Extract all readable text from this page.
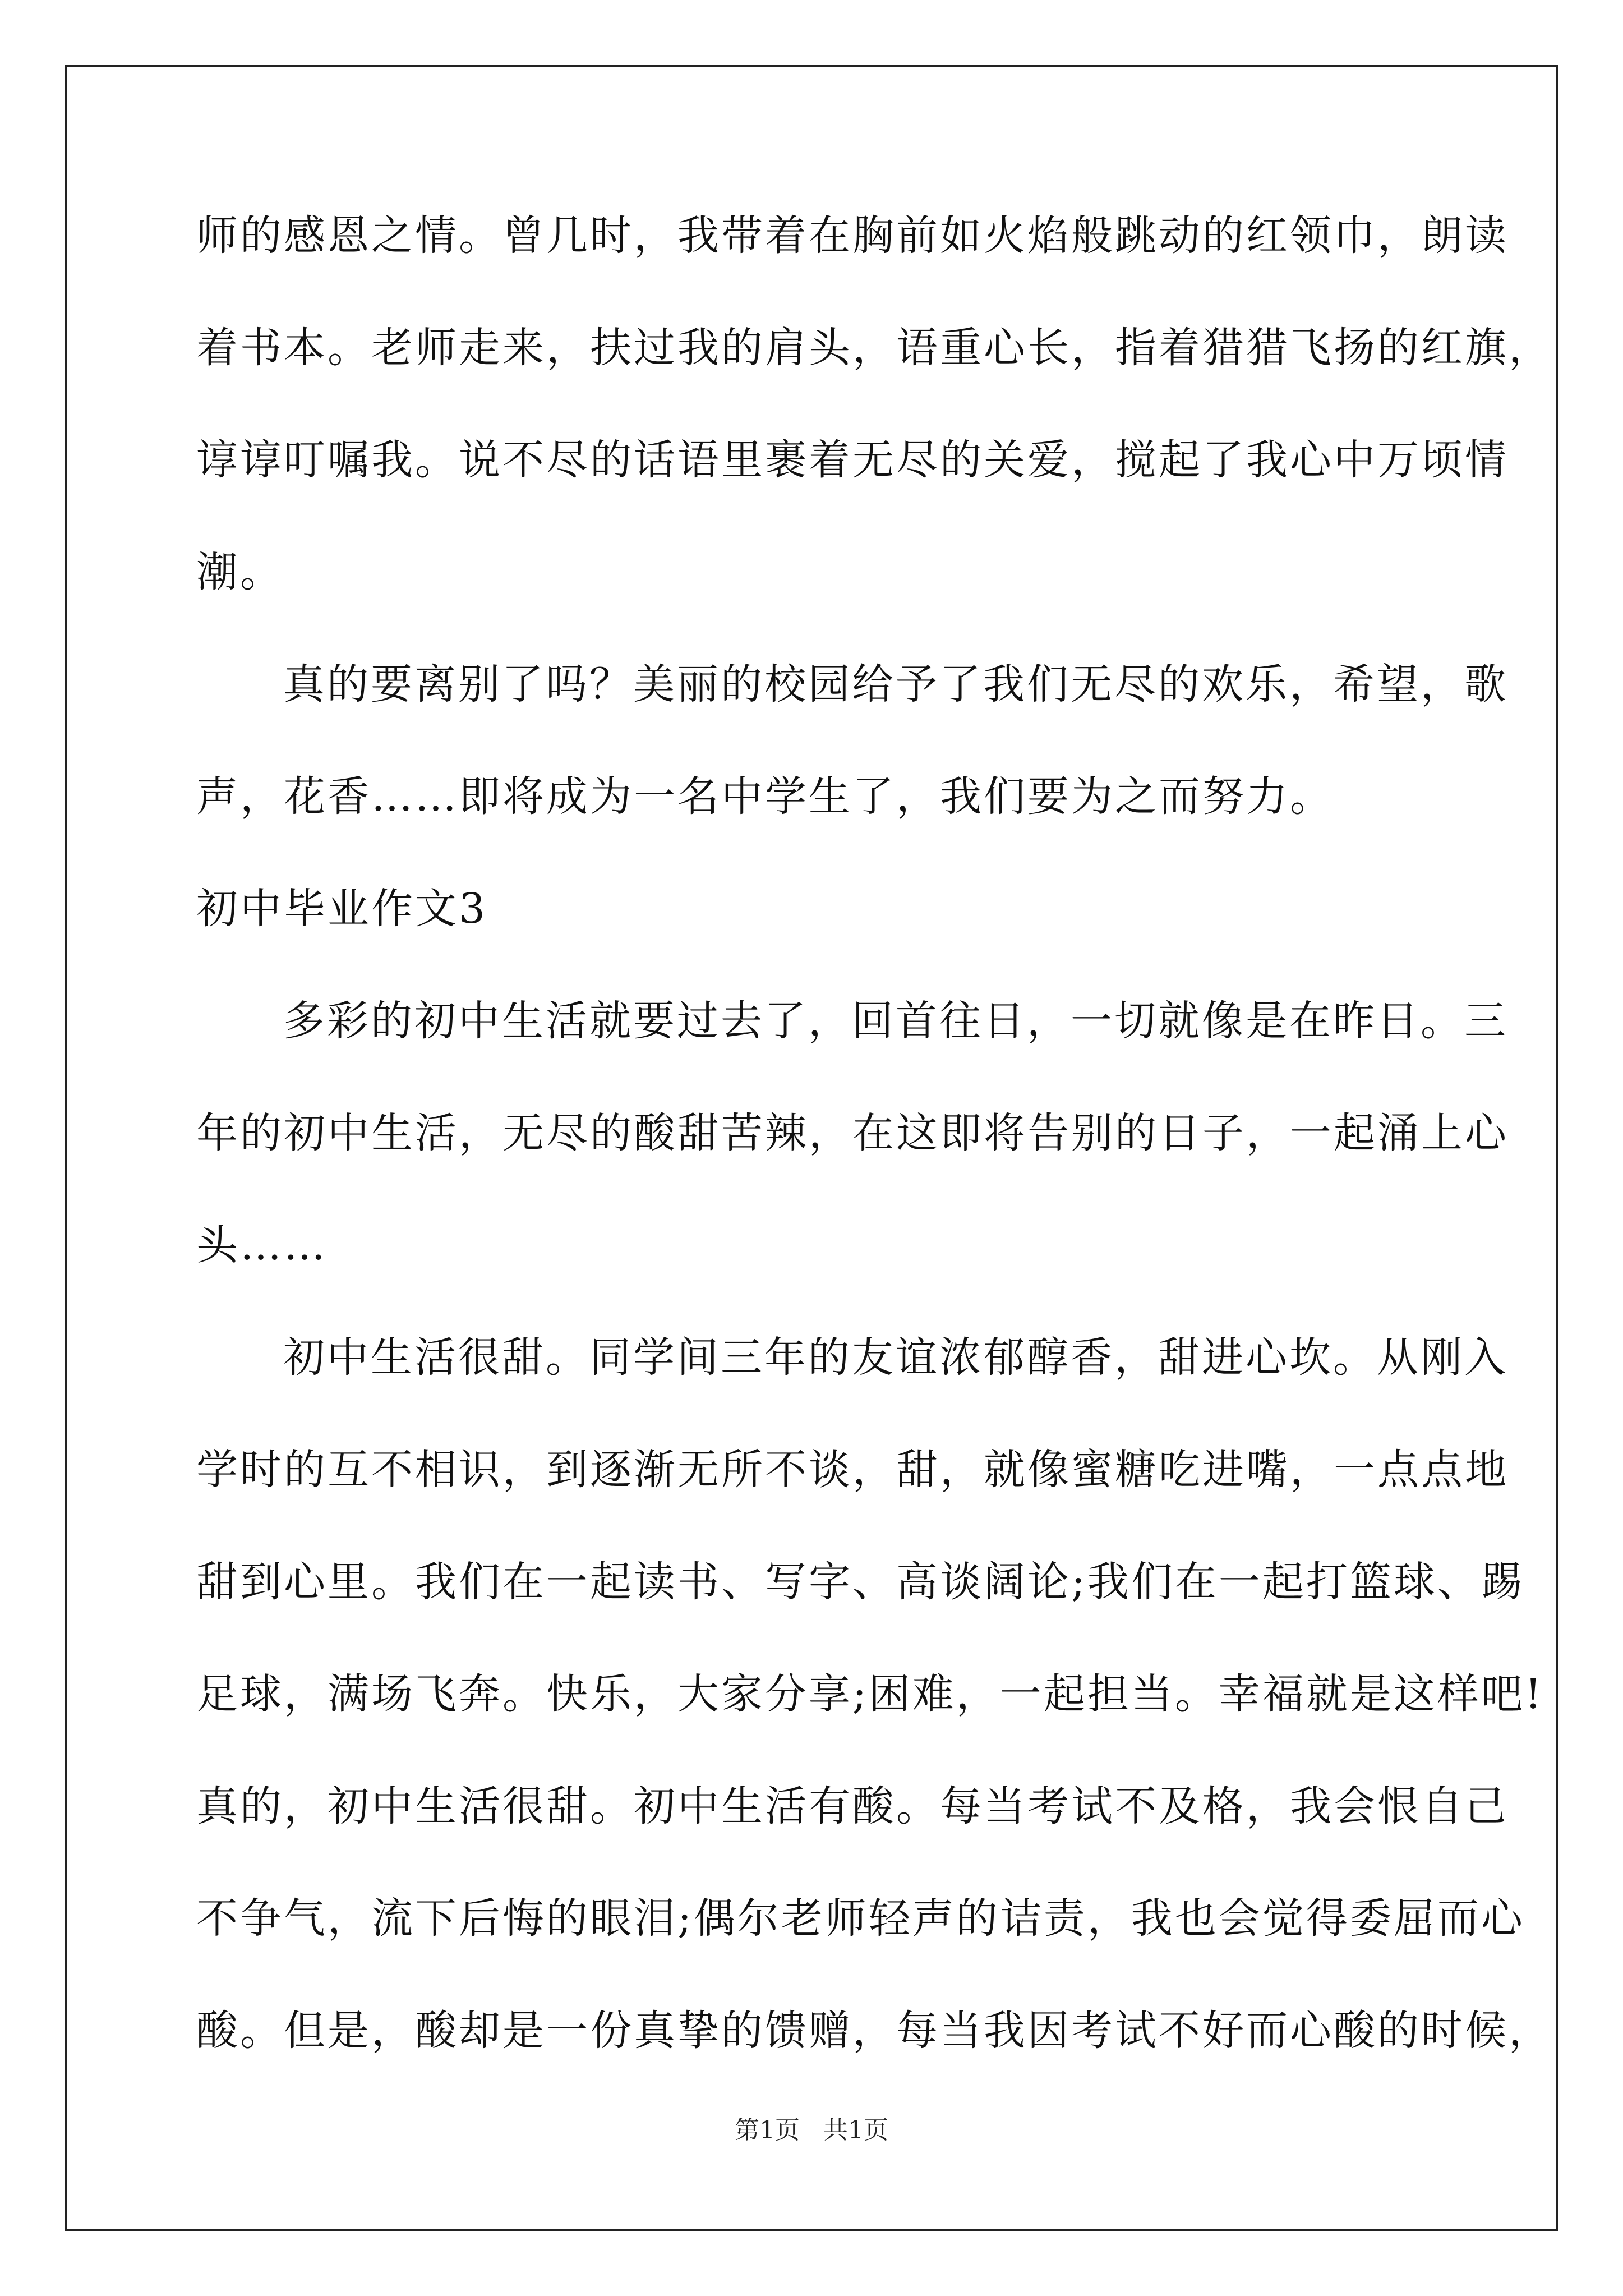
师的感恩之情。曾几时，我带着在胸前如火焰般跳动的红领巾，朗读
着书本。老师走来，扶过我的肩头，语重心长，指着猎猎飞扬的红旗，
谆谆叮嘱我。说不尽的话语里裹着无尽的关爱，搅起了我心中万顷情
潮。
真的要离别了吗？美丽的校园给予了我们无尽的欢乐，希望，歌
声，花香……即将成为一名中学生了，我们要为之而努力。
初中毕业作文3
多彩的初中生活就要过去了，回首往日，一切就像是在昨日。三
年的初中生活，无尽的酸甜苦辣，在这即将告别的日子，一起涌上心
头……
初中生活很甜。同学间三年的友谊浓郁醇香，甜进心坎。从刚入
学时的互不相识，到逐渐无所不谈，甜，就像蜜糖吃进嘴，一点点地
甜到心里。我们在一起读书、写字、高谈阔论;我们在一起打篮球、踢
足球，满场飞奔。快乐，大家分享;困难，一起担当。幸福就是这样吧!
真的，初中生活很甜。初中生活有酸。每当考试不及格，我会恨自己
不争气，流下后悔的眼泪;偶尔老师轻声的诘责，我也会觉得委屈而心
酸。但是，酸却是一份真挚的馈赠，每当我因考试不好而心酸的时候，
第1页 共1页
